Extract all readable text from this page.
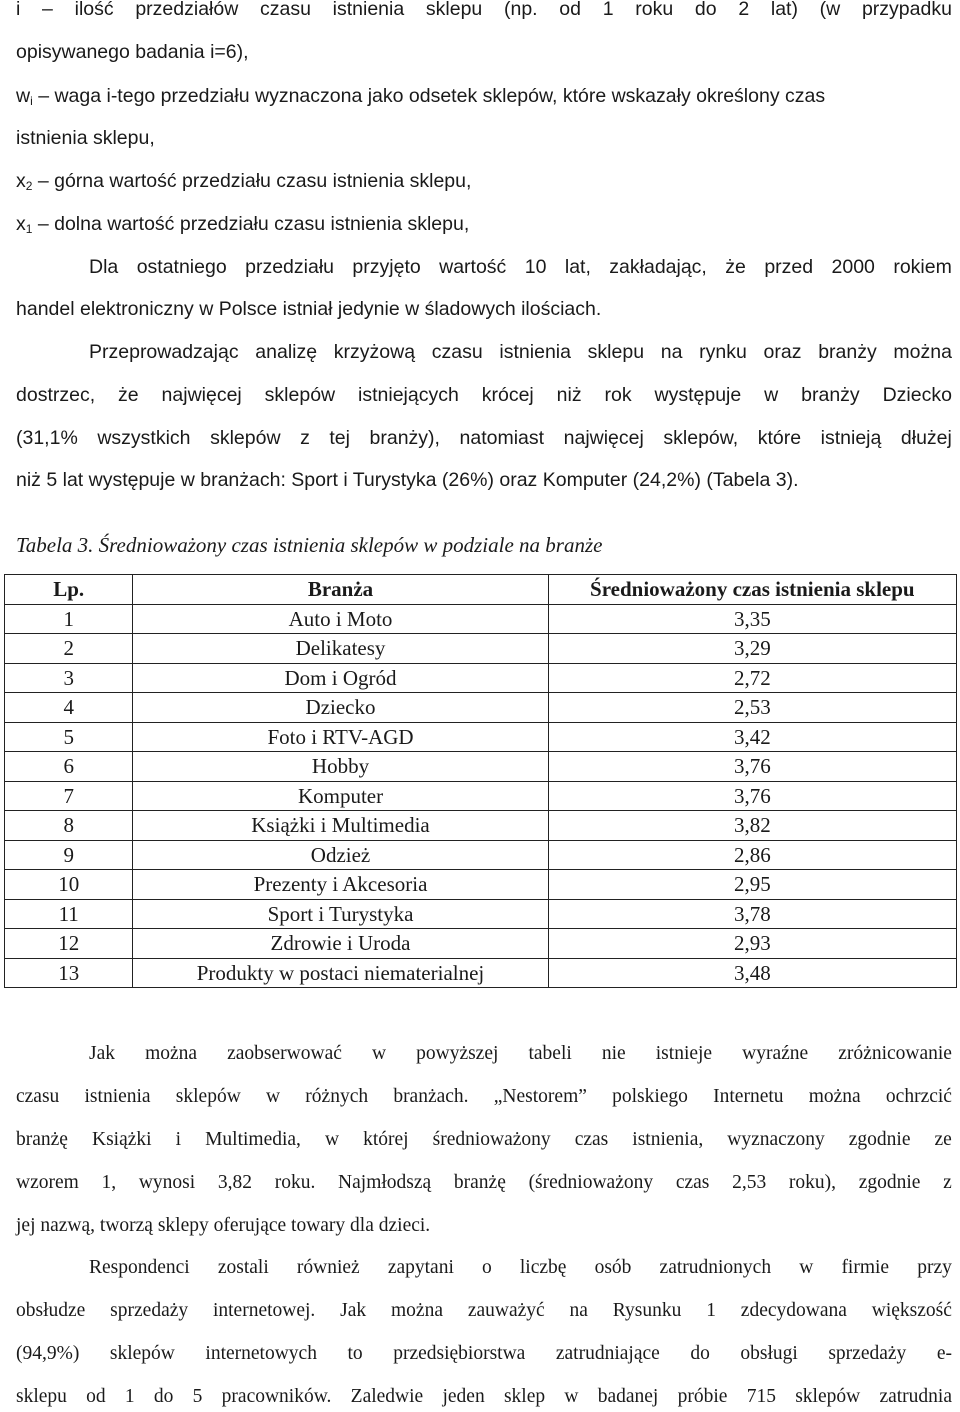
i – ilość przedziałów czasu istnienia sklepu (np. od 1 roku do 2 lat) (w przypadku
opisywanego badania i=6),
$w_i$ – waga i-tego przedziału wyznaczona jako odsetek sklepów, które wskazały określony czas
istnienia sklepu,
$x_2$ – górna wartość przedziału czasu istnienia sklepu,
$x_1$ – dolna wartość przedziału czasu istnienia sklepu,
Dla ostatniego przedziału przyjęto wartość 10 lat, zakładając, że przed 2000 rokiem
handel elektroniczny w Polsce istniał jedynie w śladowych ilościach.
Przeprowadzając analizę krzyżową czasu istnienia sklepu na rynku oraz branży można
dostrzec, że najwięcej sklepów istniejących krócej niż rok występuje w branży Dziecko
(31,1% wszystkich sklepów z tej branży), natomiast najwięcej sklepów, które istnieją dłużej
niż 5 lat występuje w branżach: Sport i Turystyka (26%) oraz Komputer (24,2%) (Tabela 3).
Tabela 3. Średnioważony czas istnienia sklepów w podziale na branże
Lp.	Branża	Średnioważony czas istnienia sklepu
1	Auto i Moto	3,35
2	Delikatesy	3,29
3	Dom i Ogród	2,72
4	Dziecko	2,53
5	Foto i RTV-AGD	3,42
6	Hobby	3,76
7	Komputer	3,76
8	Książki i Multimedia	3,82
9	Odzież	2,86
10	Prezenty i Akcesoria	2,95
11	Sport i Turystyka	3,78
12	Zdrowie i Uroda	2,93
13	Produkty w postaci niematerialnej	3,48
Jak można zaobserwować w powyższej tabeli nie istnieje wyraźne zróżnicowanie
czasu istnienia sklepów w różnych branżach. „Nestorem” polskiego Internetu można ochrzcić
branżę Książki i Multimedia, w której średnioważony czas istnienia, wyznaczony zgodnie ze
wzorem 1, wynosi 3,82 roku. Najmłodszą branżę (średnioważony czas 2,53 roku), zgodnie z
jej nazwą, tworzą sklepy oferujące towary dla dzieci.
Respondenci zostali również zapytani o liczbę osób zatrudnionych w firmie przy
obsłudze sprzedaży internetowej. Jak można zauważyć na Rysunku 1 zdecydowana większość
(94,9%) sklepów internetowych to przedsiębiorstwa zatrudniające do obsługi sprzedaży e-
sklepu od 1 do 5 pracowników. Zaledwie jeden sklep w badanej próbie 715 sklepów zatrudnia
